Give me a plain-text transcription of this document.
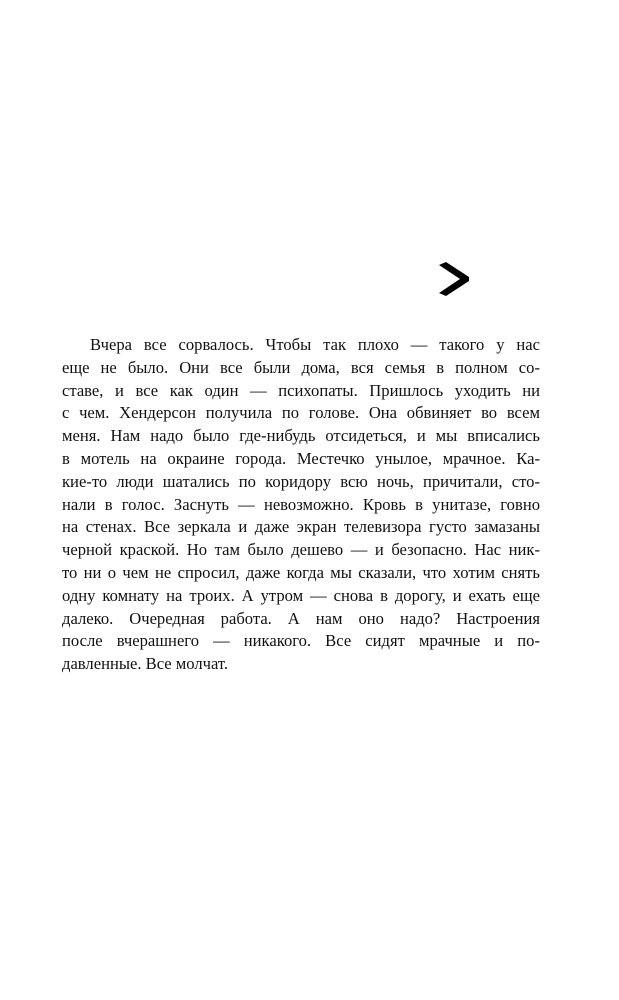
Вчера все сорвалось. Чтобы так плохо — такого у нас
еще не было. Они все были дома, вся семья в полном со-
ставе, и все как один — психопаты. Пришлось уходить ни
с чем. Хендерсон получила по голове. Она обвиняет во всем
меня. Нам надо было где-нибудь отсидеться, и мы вписались
в мотель на окраине города. Местечко унылое, мрачное. Ка-
кие-то люди шатались по коридору всю ночь, причитали, сто-
нали в голос. Заснуть — невозможно. Кровь в унитазе, говно
на стенах. Все зеркала и даже экран телевизора густо замазаны
черной краской. Но там было дешево — и безопасно. Нас ник-
то ни о чем не спросил, даже когда мы сказали, что хотим снять
одну комнату на троих. А утром — снова в дорогу, и ехать еще
далеко. Очередная работа. А нам оно надо? Настроения
после вчерашнего — никакого. Все сидят мрачные и по-
давленные. Все молчат.
